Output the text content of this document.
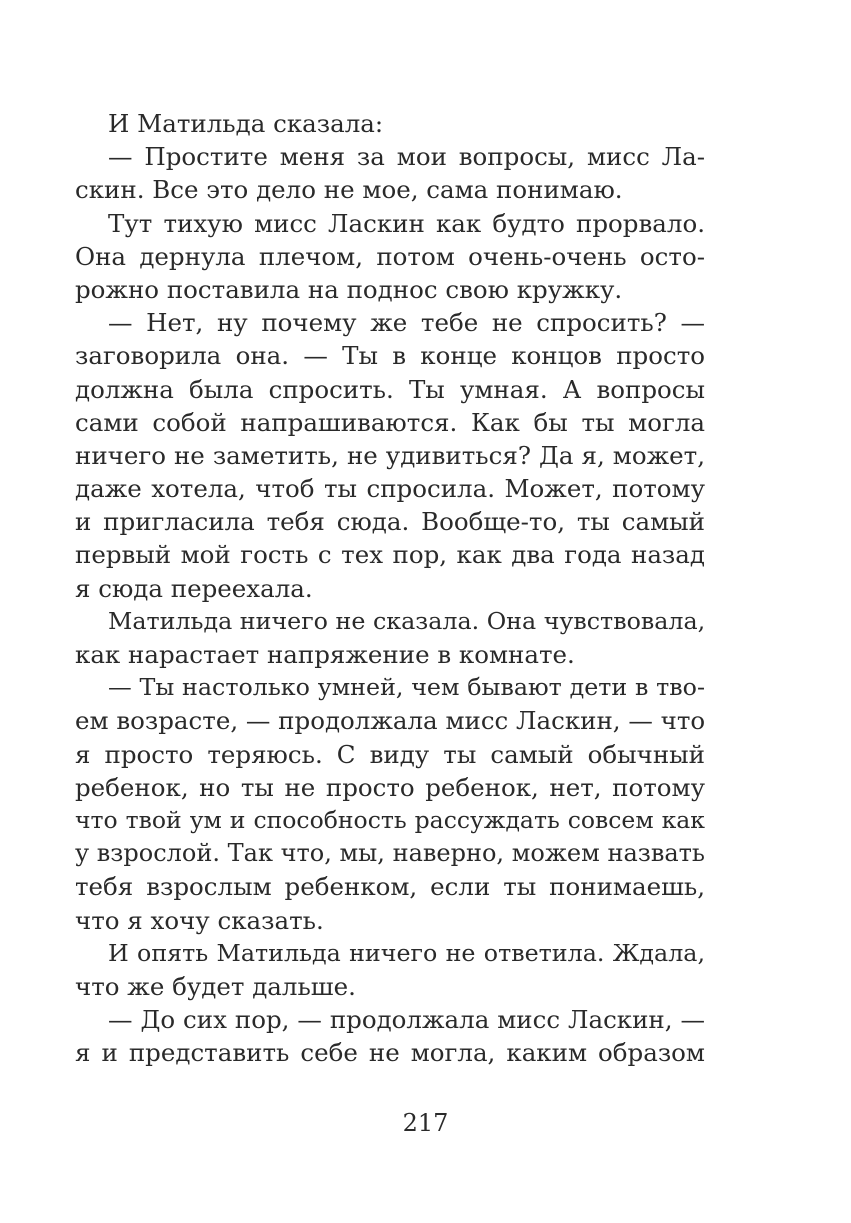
И Матильда сказала:
— Простите меня за мои вопросы, мисс Ла-
скин. Все это дело не мое, сама понимаю.
Тут тихую мисс Ласкин как будто прорвало.
Она дернула плечом, потом очень-очень осто-
рожно поставила на поднос свою кружку.
— Нет, ну почему же тебе не спросить? —
заговорила она. — Ты в конце концов просто
должна была спросить. Ты умная. А вопросы
сами собой напрашиваются. Как бы ты могла
ничего не заметить, не удивиться? Да я, может,
даже хотела, чтоб ты спросила. Может, потому
и пригласила тебя сюда. Вообще-то, ты самый
первый мой гость с тех пор, как два года назад
я сюда переехала.
Матильда ничего не сказала. Она чувствовала,
как нарастает напряжение в комнате.
— Ты настолько умней, чем бывают дети в тво-
ем возрасте, — продолжала мисс Ласкин, — что
я просто теряюсь. С виду ты самый обычный
ребенок, но ты не просто ребенок, нет, потому
что твой ум и способность рассуждать совсем как
у взрослой. Так что, мы, наверно, можем назвать
тебя взрослым ребенком, если ты понимаешь,
что я хочу сказать.
И опять Матильда ничего не ответила. Ждала,
что же будет дальше.
— До сих пор, — продолжала мисс Ласкин, —
я и представить себе не могла, каким образом
217
